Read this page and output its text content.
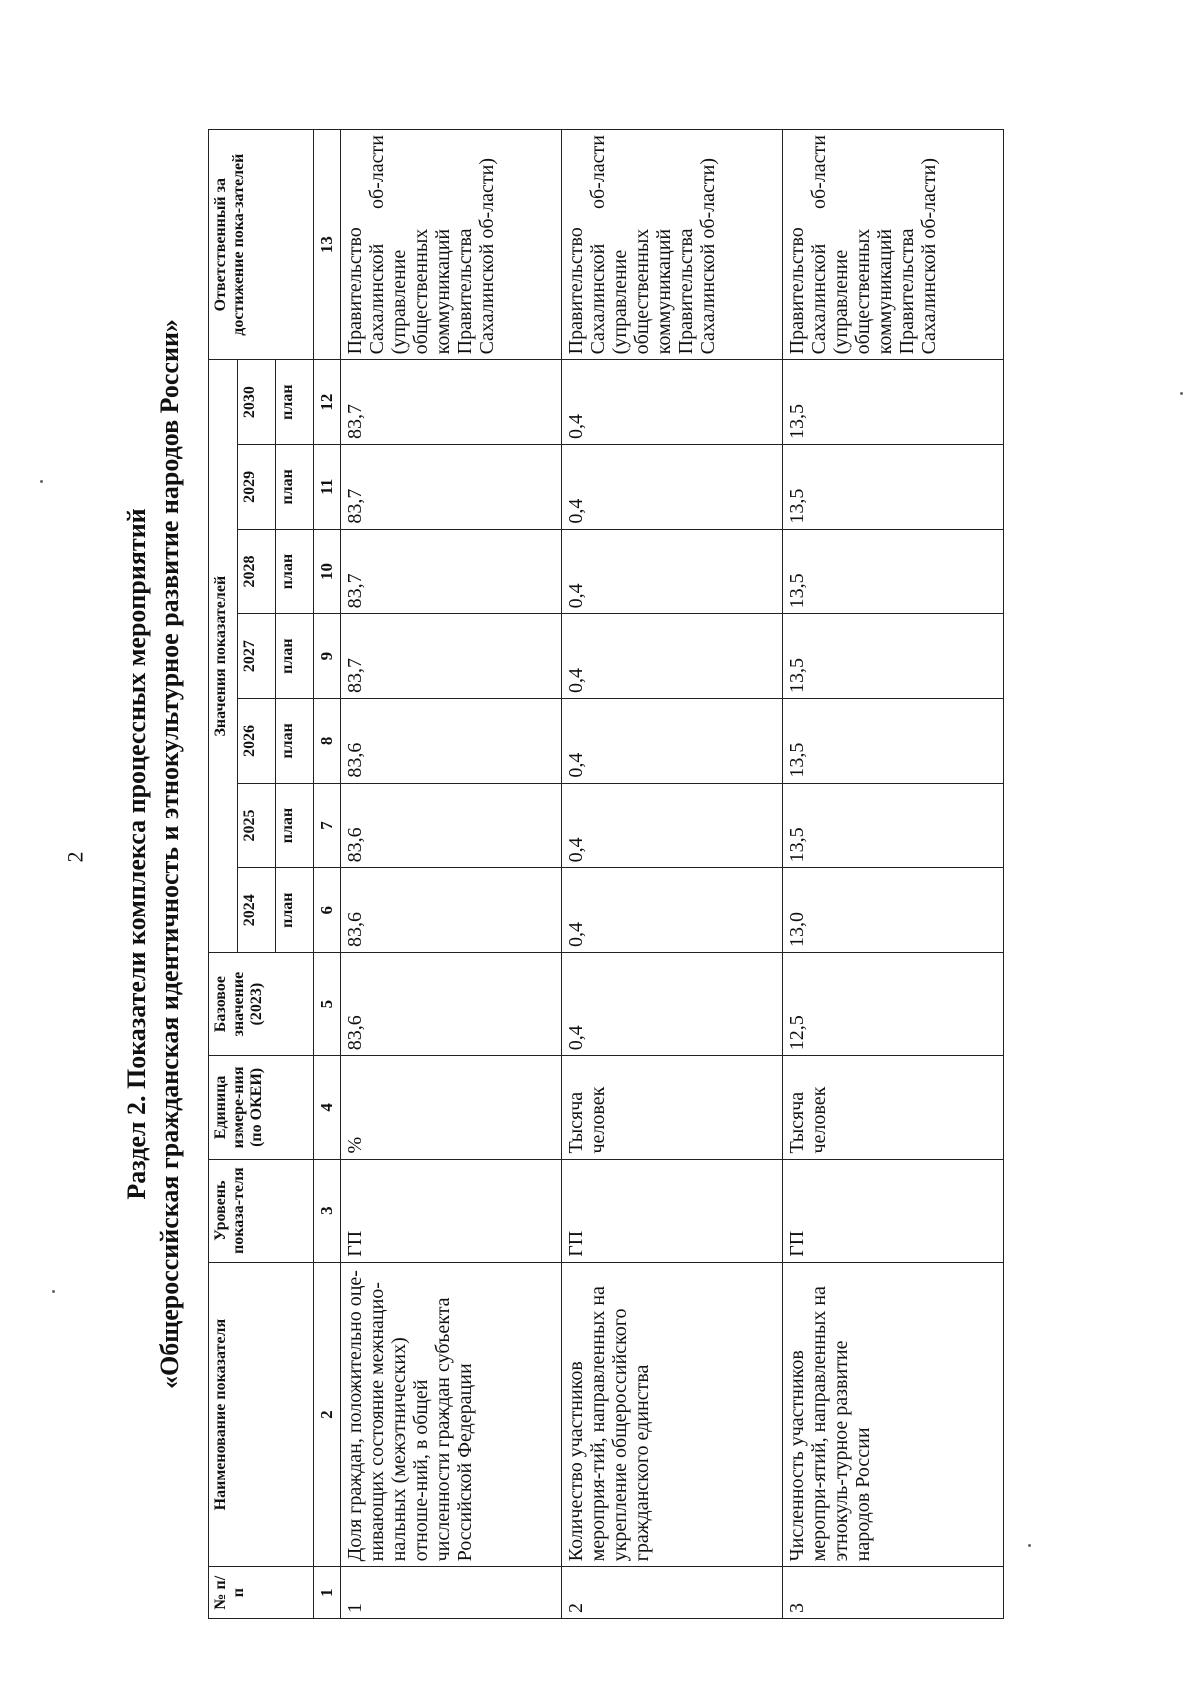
2 Раздел 2. Показатели комплекса процессных мероприятий «Общероссийская гражданская идентичность и этнокультурное развитие народов России»
№ п/п	Наименование показателя	Уровень показа-теля	Единица измере-ния (по ОКЕИ)	Базовое значение (2023)	Значения показателей							Ответственный за достижение пока-зателей
					2024	2025	2026	2027	2028	2029	2030	
					план	план	план	план	план	план	план	
1	2	3	4	5	6	7	8	9	10	11	12	13
1	Доля граждан, положительно оце-нивающих состояние межнацио-нальных (межэтнических) отноше-ний, в общей численности граждан субъекта Российской Федерации	ГП	%	83,6	83,6	83,6	83,6	83,7	83,7	83,7	83,7	Правительство Сахалинской об-ласти (управление общественных коммуникаций Правительства Сахалинской об-ласти)
2	Количество участников мероприя-тий, направленных на укрепление общероссийского гражданского единства	ГП	Тысяча человек	0,4	0,4	0,4	0,4	0,4	0,4	0,4	0,4	Правительство Сахалинской об-ласти (управление общественных коммуникаций Правительства Сахалинской об-ласти)
3	Численность участников меропри-ятий, направленных на этнокуль-турное развитие народов России	ГП	Тысяча человек	12,5	13,0	13,5	13,5	13,5	13,5	13,5	13,5	Правительство Сахалинской об-ласти (управление общественных коммуникаций Правительства Сахалинской об-ласти)
